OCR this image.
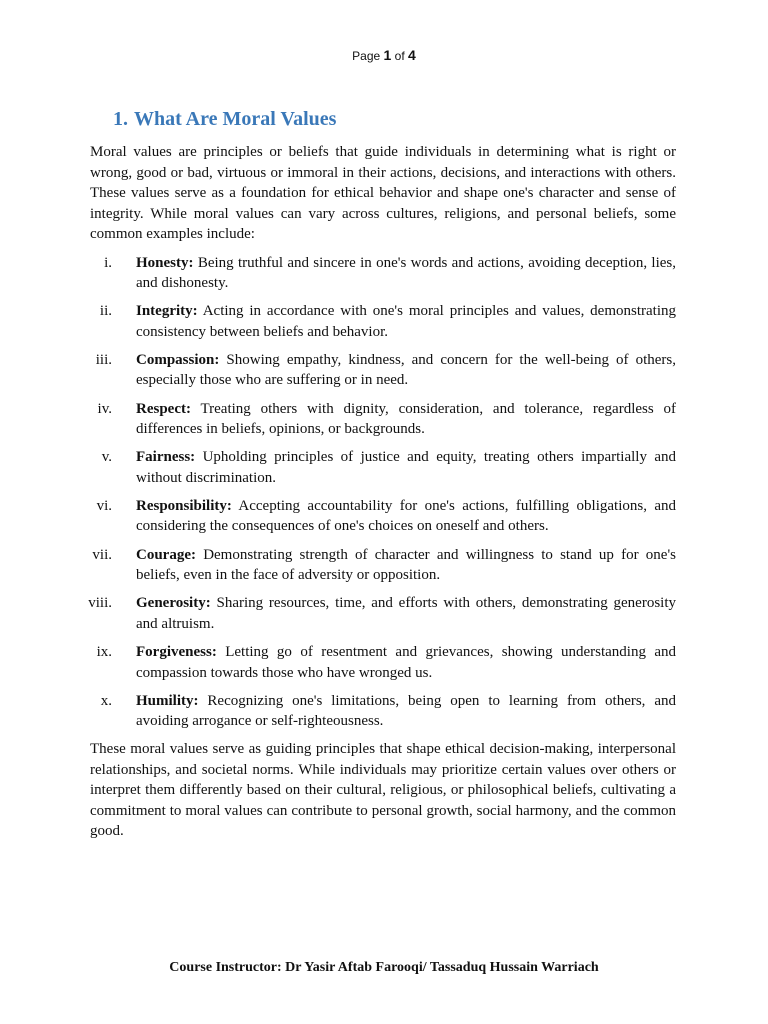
Page 1 of 4
1. What Are Moral Values

Moral values are principles or beliefs that guide individuals in determining what is right or wrong, good or bad, virtuous or immoral in their actions, decisions, and interactions with others. These values serve as a foundation for ethical behavior and shape one's character and sense of integrity. While moral values can vary across cultures, religions, and personal beliefs, some common examples include:

i. Honesty: Being truthful and sincere in one's words and actions, avoiding deception, lies, and dishonesty.
ii. Integrity: Acting in accordance with one's moral principles and values, demonstrating consistency between beliefs and behavior.
iii. Compassion: Showing empathy, kindness, and concern for the well-being of others, especially those who are suffering or in need.
iv. Respect: Treating others with dignity, consideration, and tolerance, regardless of differences in beliefs, opinions, or backgrounds.
v. Fairness: Upholding principles of justice and equity, treating others impartially and without discrimination.
vi. Responsibility: Accepting accountability for one's actions, fulfilling obligations, and considering the consequences of one's choices on oneself and others.
vii. Courage: Demonstrating strength of character and willingness to stand up for one's beliefs, even in the face of adversity or opposition.
viii. Generosity: Sharing resources, time, and efforts with others, demonstrating generosity and altruism.
ix. Forgiveness: Letting go of resentment and grievances, showing understanding and compassion towards those who have wronged us.
x. Humility: Recognizing one's limitations, being open to learning from others, and avoiding arrogance or self-righteousness.

These moral values serve as guiding principles that shape ethical decision-making, interpersonal relationships, and societal norms. While individuals may prioritize certain values over others or interpret them differently based on their cultural, religious, or philosophical beliefs, cultivating a commitment to moral values can contribute to personal growth, social harmony, and the common good.

Course Instructor: Dr Yasir Aftab Farooqi/ Tassaduq Hussain Warriach
